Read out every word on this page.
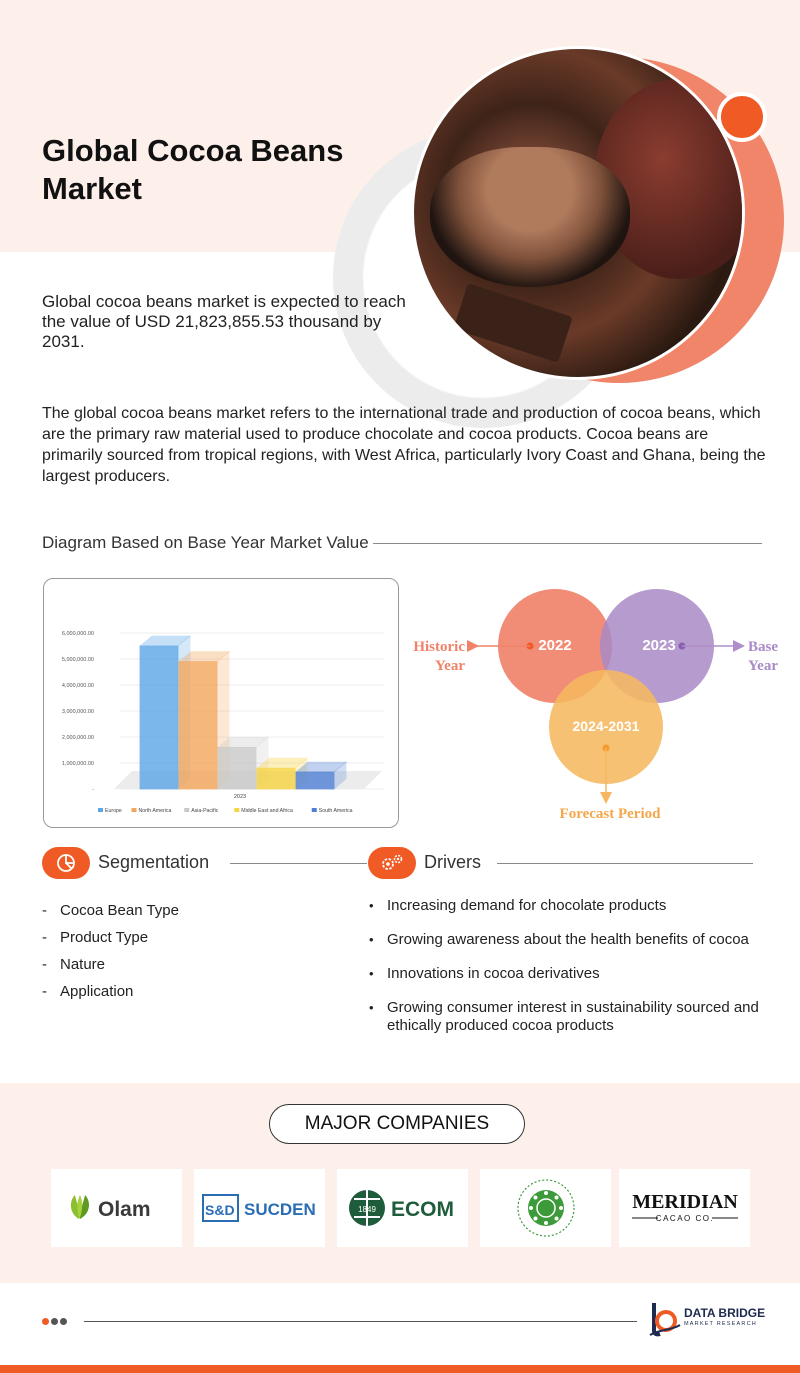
Global Cocoa Beans Market

Global cocoa beans market is expected to reach the value of USD 21,823,855.53 thousand by 2031.

The global cocoa beans market refers to the international trade and production of cocoa beans, which are the primary raw material used to produce chocolate and cocoa products. Cocoa beans are primarily sourced from tropical regions, with West Africa, particularly Ivory Coast and Ghana, being the largest producers.

Diagram Based on Base Year Market Value
-
1,000,000.00
2,000,000.00
3,000,000.00
4,000,000.00
5,000,000.00
6,000,000.00
2023
Europe	North America	Asia-Pacific	Middle East and Africa	South America
2022	2023
2024-2031
Historic
Year
Base
Year
Forecast Period
Segmentation	Drivers
- Cocoa Bean Type
- Product Type
- Nature
- Application
• Increasing demand for chocolate products
• Growing awareness about the health benefits of cocoa
• Innovations in cocoa derivatives
• Growing consumer interest in sustainability sourced and ethically produced cocoa products
MAJOR COMPANIES
Olam	S&D SUCDEN	1849 ECOM	MERIDIAN
CACAO CO.
DATA BRIDGE
MARKET RESEARCH
